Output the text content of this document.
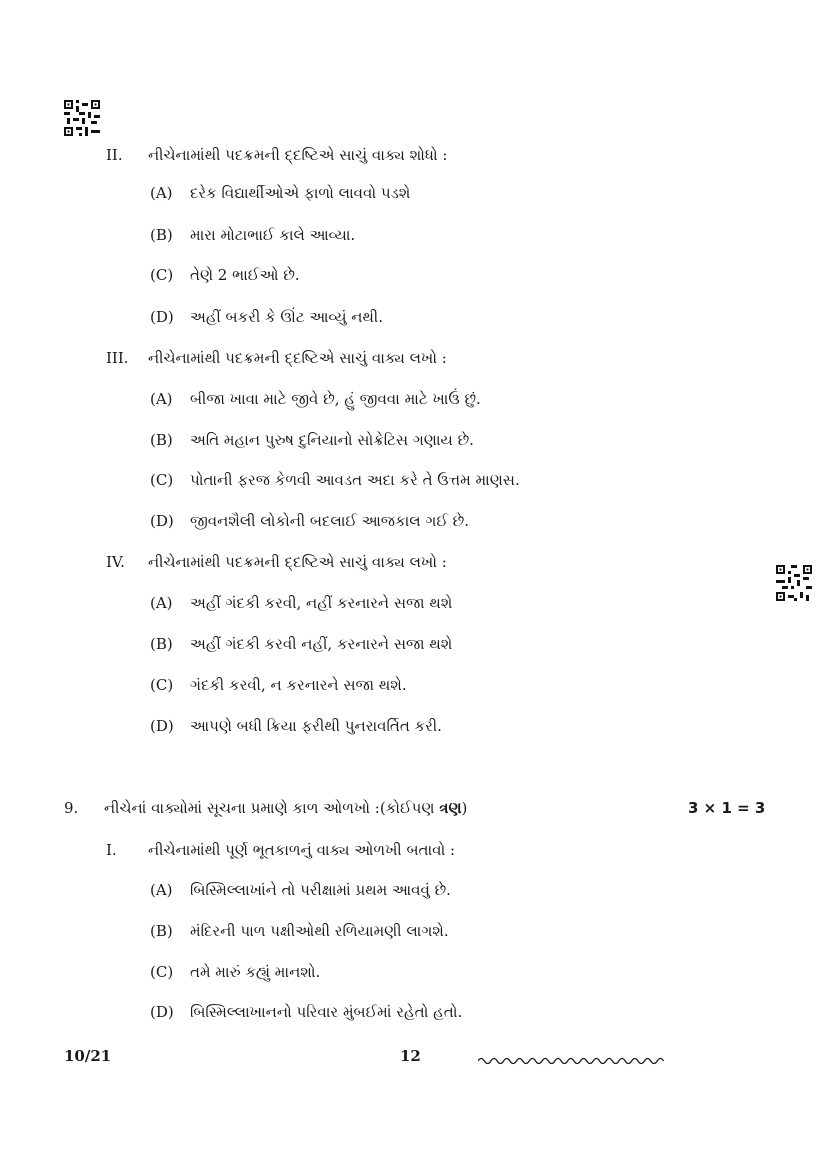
II. નીચેનામાંથી પદક્રમની દ્દષ્ટિએ સાચું વાક્ય શોધો :
(A) દરેક વિદ્યાર્થીઓએ ફાળો લાવવો પડશે
(B) મારા મોટાભાઈ કાલે આવ્યા.
(C) તેણે 2 ભાઈઓ છે.
(D) અહીં બકરી કે ઊંટ આવ્યું નથી.
III. નીચેનામાંથી પદક્રમની દ્દષ્ટિએ સાચું વાક્ય લખો :
(A) બીજા ખાવા માટે જીવે છે, હું જીવવા માટે ખાઉં છું.
(B) અતિ મહાન પુરુષ દુનિયાનો સોક્રેટિસ ગણાય છે.
(C) પોતાની ફરજ કેળવી આવડત અદા કરે તે ઉત્તમ માણસ.
(D) જીવનશૈલી લોકોની બદલાઈ આજકાલ ગઈ છે.
IV. નીચેનામાંથી પદક્રમની દ્દષ્ટિએ સાચું વાક્ય લખો :
(A) અહીં ગંદકી કરવી, નહીં કરનારને સજા થશે
(B) અહીં ગંદકી કરવી નહીં, કરનારને સજા થશે
(C) ગંદકી કરવી, ન કરનારને સજા થશે.
(D) આપણે બધી ક્રિયા ફરીથી પુનરાવર્તિત કરી.
9. નીચેનાં વાક્યોમાં સૂચના પ્રમાણે કાળ ઓળખો :(કોઈપણ ત્રણ)	3 × 1 = 3
I. નીચેનામાંથી પૂર્ણ ભૂતકાળનું વાક્ય ઓળખી બતાવો :
(A) બિસ્મિલ્લાખાંને તો પરીક્ષામાં પ્રથમ આવવું છે.
(B) મંદિરની પાળ પક્ષીઓથી રળિયામણી લાગશે.
(C) તમે મારું કહ્યું માનશો.
(D) બિસ્મિલ્લાખાનનો પરિવાર મુંબઈમાં રહેતો હતો.
10/21	12
